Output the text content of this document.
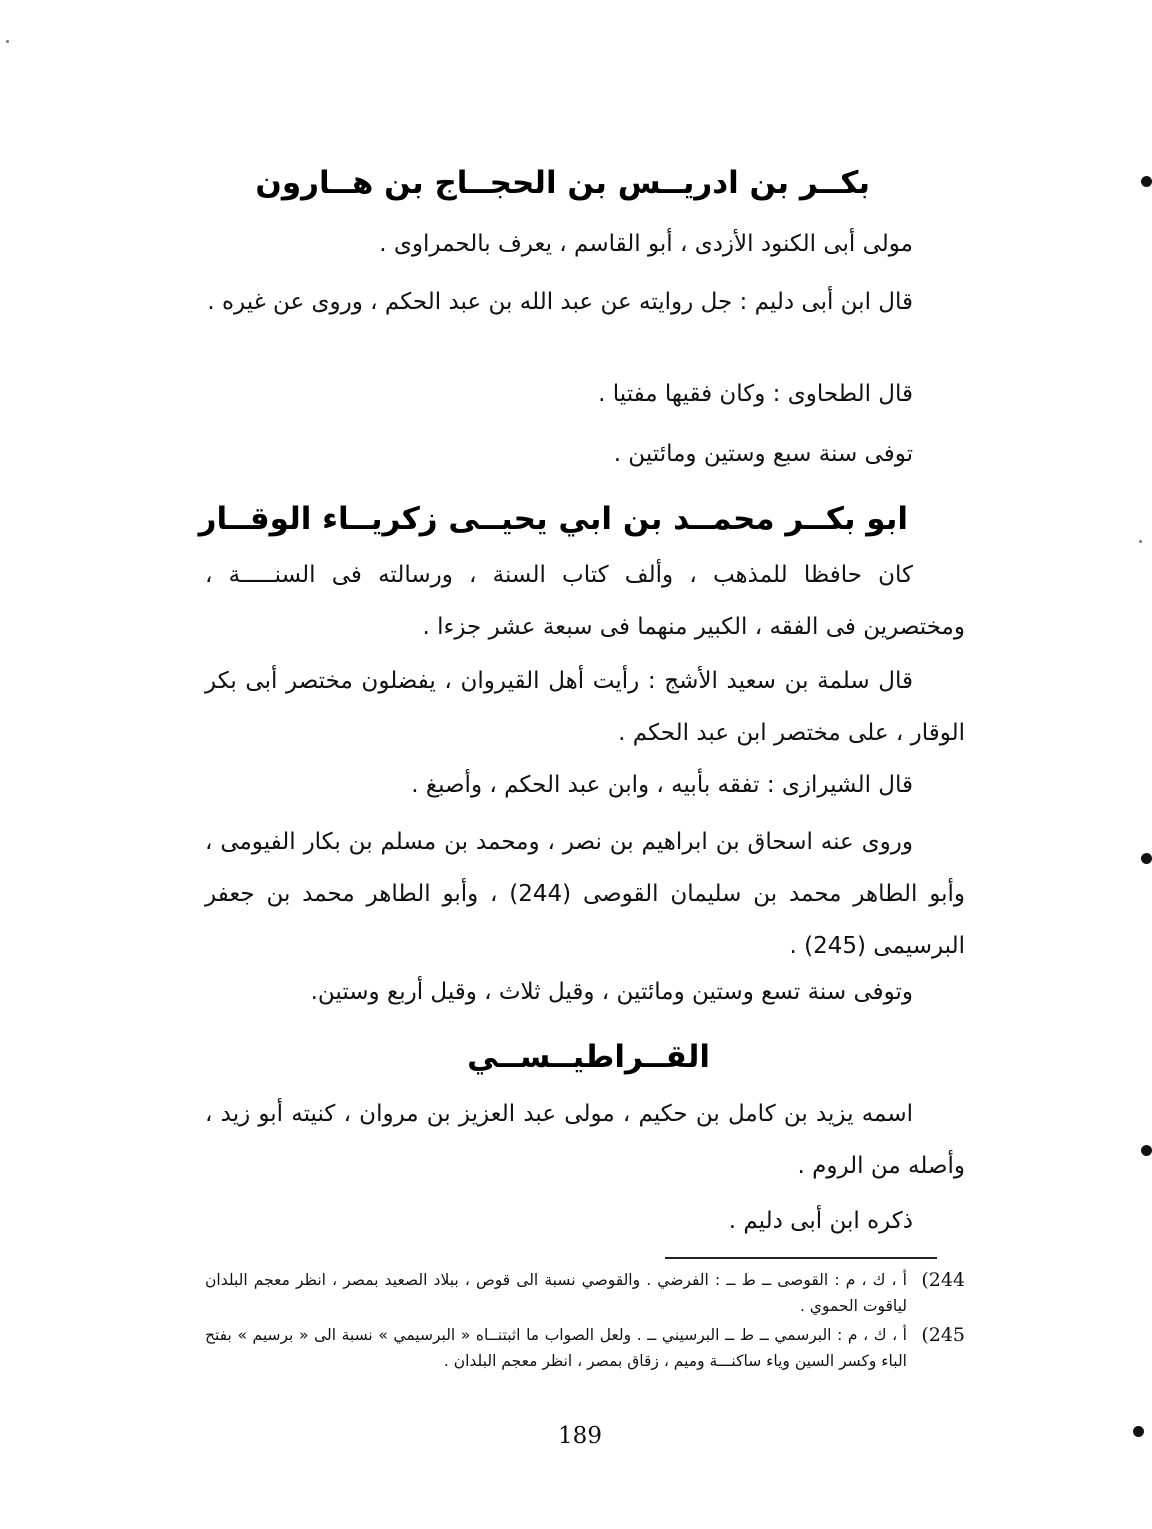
بكــر بن ادريــس بن الحجــاج بن هــارون
مولى أبى الكنود الأزدى ، أبو القاسم ، يعرف بالحمراوى .
قال ابن أبى دليم : جل روايته عن عبد الله بن عبد الحكم ، وروى عن غيره .
قال الطحاوى : وكان فقيها مفتيا .
توفى سنة سبع وستين ومائتين .
ابو بكــر محمــد بن ابي يحيــى زكريــاء الوقــار
كان حافظا للمذهب ، وألف كتاب السنة ، ورسالته فى السنـــــة ، ومختصرين فى الفقه ، الكبير منهما فى سبعة عشر جزءا .
قال سلمة بن سعيد الأشج : رأيت أهل القيروان ، يفضلون مختصر أبى بكر الوقار ، على مختصر ابن عبد الحكم .
قال الشيرازى : تفقه بأبيه ، وابن عبد الحكم ، وأصبغ .
وروى عنه اسحاق بن ابراهيم بن نصر ، ومحمد بن مسلم بن بكار الفيومى ، وأبو الطاهر محمد بن سليمان القوصى (244) ، وأبو الطاهر محمد بن جعفر البرسيمى (245) .
وتوفى سنة تسع وستين ومائتين ، وقيل ثلاث ، وقيل أربع وستين.
القــراطيــســي
اسمه يزيد بن كامل بن حكيم ، مولى عبد العزيز بن مروان ، كنيته أبو زيد ، وأصله من الروم .
ذكره ابن أبى دليم .
244)
أ ، ك ، م : القوصى ــ ط ــ : الفرضي . والقوصي نسبة الى قوص ، ببلاد الصعيد بمصر ، انظر معجم البلدان لياقوت الحموي .
245)
أ ، ك ، م : البرسمي ــ ط ــ البرسيني ــ . ولعل الصواب ما اثبتنــاه « البرسيمي » نسبة الى « برسيم » بفتح الباء وكسر السين وياء ساكنـــة وميم ، زقاق بمصر ، انظر معجم البلدان .
189
